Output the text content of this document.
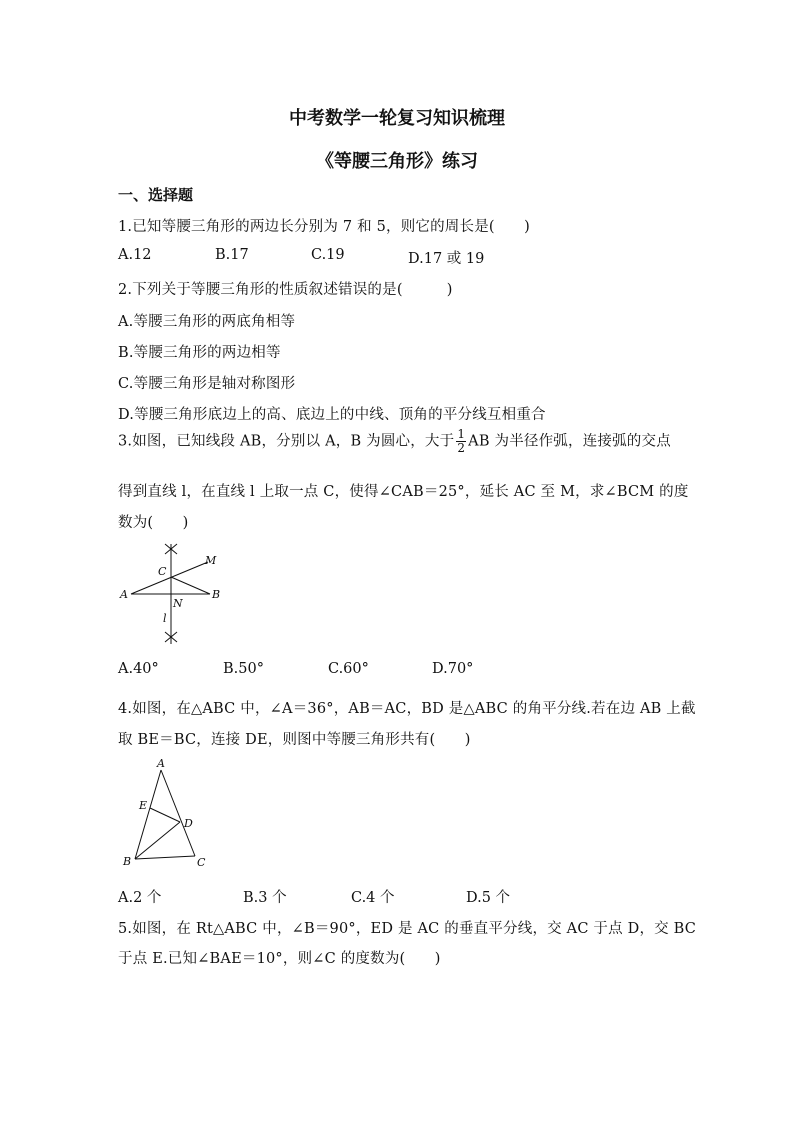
中考数学一轮复习知识梳理
《等腰三角形》练习
一、选择题
1.已知等腰三角形的两边长分别为 7 和 5，则它的周长是(　　)
A.12	B.17	C.19	D.17 或 19
2.下列关于等腰三角形的性质叙述错误的是(　　　)
A.等腰三角形的两底角相等
B.等腰三角形的两边相等
C.等腰三角形是轴对称图形
D.等腰三角形底边上的高、底边上的中线、顶角的平分线互相重合
3.如图，已知线段 AB，分别以 A，B 为圆心，大于 $\frac{1}{2}$ AB 为半径作弧，连接弧的交点
得到直线 l，在直线 l 上取一点 C，使得∠CAB＝25°，延长 AC 至 M，求∠BCM 的度
数为(　　)
A	B
C
M
N
l
A.40°	B.50°	C.60°	D.70°
4.如图，在△ABC 中，∠A＝36°，AB＝AC，BD 是△ABC 的角平分线.若在边 AB 上截
取 BE＝BC，连接 DE，则图中等腰三角形共有(　　)
A
B	C
D
E
A.2 个	B.3 个	C.4 个	D.5 个
5.如图，在 Rt△ABC 中，∠B＝90°，ED 是 AC 的垂直平分线，交 AC 于点 D，交 BC
于点 E.已知∠BAE＝10°，则∠C 的度数为(　　)
